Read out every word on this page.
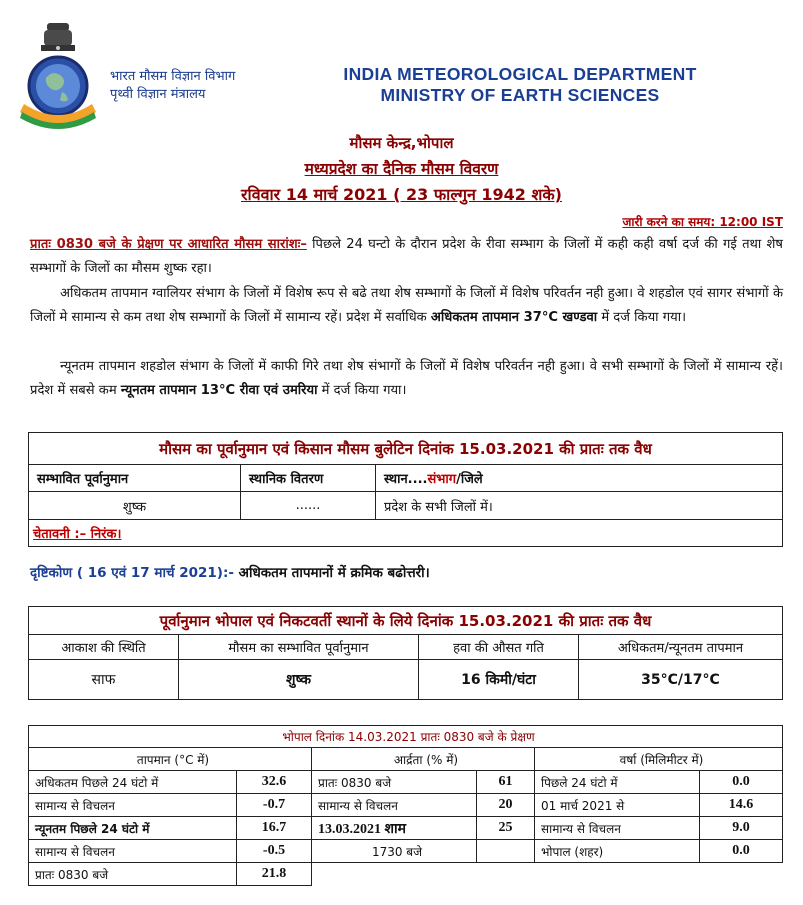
भारत मौसम विज्ञान विभाग
पृथ्वी विज्ञान मंत्रालय
INDIA METEOROLOGICAL DEPARTMENT
MINISTRY OF EARTH SCIENCES
मौसम केन्द्र,भोपाल
मध्यप्रदेश का दैनिक मौसम विवरण
रविवार 14 मार्च 2021 ( 23 फाल्गुन 1942 शके)
जारी करने का समय: 12:00 IST
प्रातः 0830 बजे के प्रेक्षण पर आधारित मौसम सारांशः– पिछले 24 घन्टो के दौरान प्रदेश के रीवा सम्भाग के जिलों में कही कही वर्षा दर्ज की गई तथा शेष सम्भागों के जिलों का मौसम शुष्क रहा।
अधिकतम तापमान ग्वालियर संभाग के जिलों में विशेष रूप से बढे तथा शेष सम्भागों के जिलों में विशेष परिवर्तन नही हुआ। वे शहडोल एवं सागर संभागों के जिलों मे सामान्य से कम तथा शेष सम्भागों के जिलों में सामान्य रहें। प्रदेश में सर्वाधिक अधिकतम तापमान 37°C खण्डवा में दर्ज किया गया।
न्यूनतम तापमान शहडोल संभाग के जिलों में काफी गिरे तथा शेष संभागों के जिलों में विशेष परिवर्तन नही हुआ। वे सभी सम्भागों के जिलों में सामान्य रहें। प्रदेश में सबसे कम न्यूनतम तापमान 13°C रीवा एवं उमरिया में दर्ज किया गया।
मौसम का पूर्वानुमान एवं किसान मौसम बुलेटिन दिनांक 15.03.2021 की प्रातः तक वैध		
सम्भावित पूर्वानुमान	स्थानिक वितरण	स्थान....संभाग/जिले
शुष्क	......	प्रदेश के सभी जिलों में।
चेतावनी :– निरंक।		
दृष्टिकोण ( 16 एवं 17 मार्च 2021):- अधिकतम तापमानों में क्रमिक बढोत्तरी।
पूर्वानुमान भोपाल एवं निकटवर्ती स्थानों के लिये दिनांक 15.03.2021 की प्रातः तक वैध			
आकाश की स्थिति	मौसम का सम्भावित पूर्वानुमान	हवा की औसत गति	अधिकतम/न्यूनतम तापमान
साफ	शुष्क	16 किमी/घंटा	35°C/17°C
भोपाल दिनांक 14.03.2021 प्रातः 0830 बजे के प्रेक्षण					
तापमान (°C में)		आर्द्रता (% में)		वर्षा (मिलिमीटर में)	
अधिकतम पिछले 24 घंटो में	32.6	प्रातः 0830 बजे	61	पिछले 24 घंटो में	0.0
सामान्य से विचलन	-0.7	सामान्य से विचलन	20	01 मार्च 2021 से	14.6
न्यूनतम पिछले 24 घंटो में	16.7	13.03.2021 शाम	25	सामान्य से विचलन	9.0
सामान्य से विचलन	-0.5	1730 बजे		भोपाल (शहर)	0.0
प्रातः 0830 बजे	21.8				
